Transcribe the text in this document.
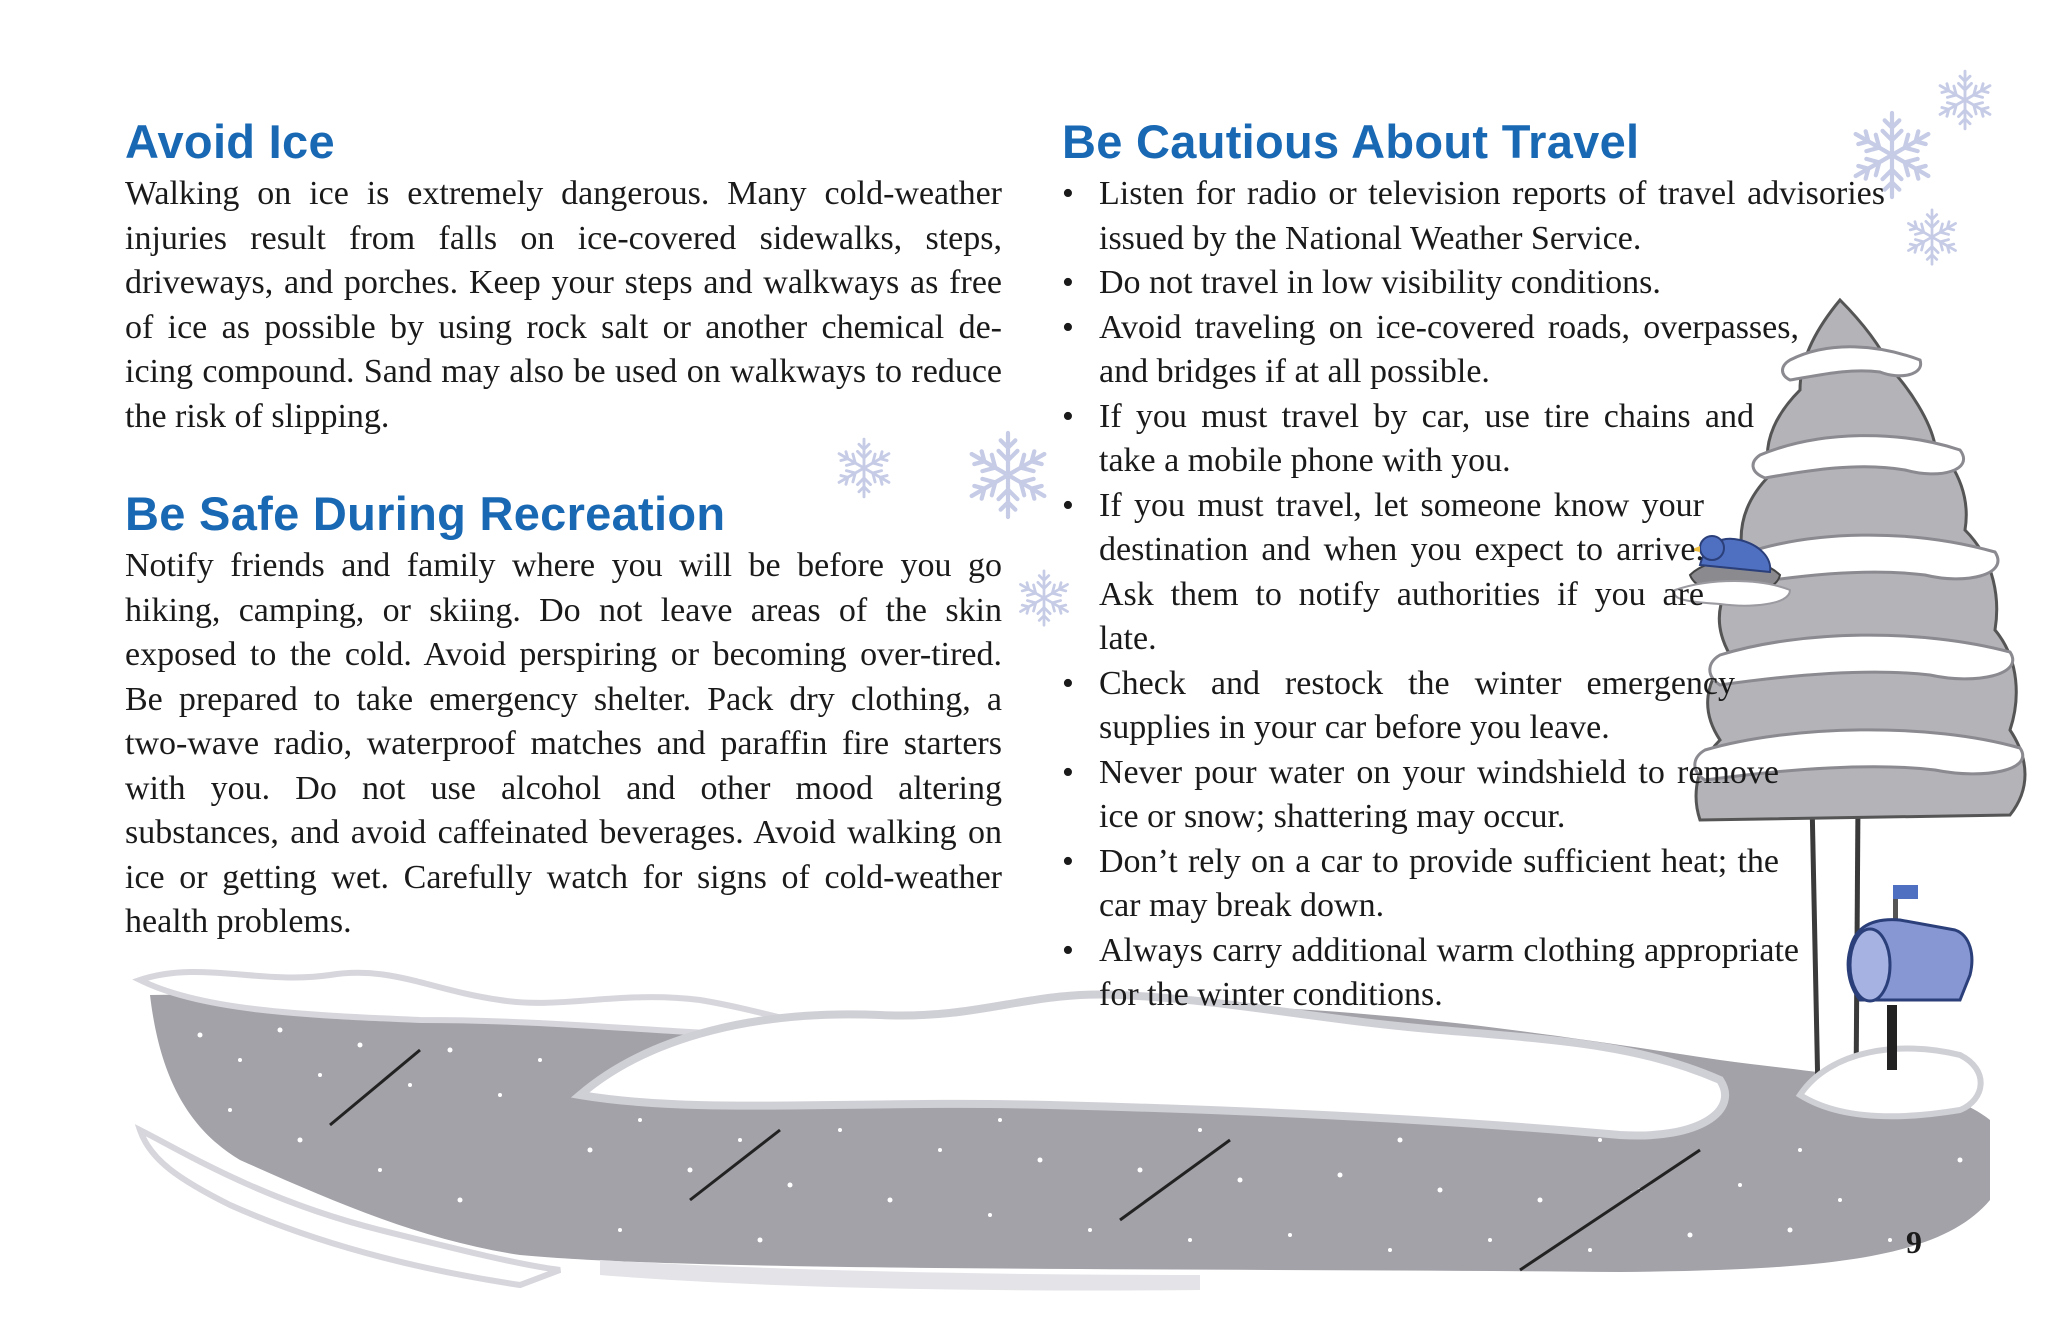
Avoid Ice

Walking on ice is extremely dangerous. Many cold-weather injuries result from falls on ice-covered sidewalks, steps, driveways, and porches. Keep your steps and walkways as free of ice as possible by using rock salt or another chemical de-icing compound. Sand may also be used on walkways to reduce the risk of slipping.

Be Safe During Recreation

Notify friends and family where you will be before you go hiking, camping, or skiing. Do not leave areas of the skin exposed to the cold. Avoid perspiring or becoming over-tired. Be prepared to take emergency shelter. Pack dry clothing, a two-wave radio, waterproof matches and paraffin fire starters with you. Do not use alcohol and other mood altering substances, and avoid caffeinated beverages. Avoid walking on ice or getting wet. Carefully watch for signs of cold-weather health problems.

Be Cautious About Travel
• Listen for radio or television reports of travel advisories issued by the National Weather Service.
• Do not travel in low visibility conditions.
• Avoid traveling on ice-covered roads, overpasses, and bridges if at all possible.
• If you must travel by car, use tire chains and take a mobile phone with you.
• If you must travel, let someone know your destination and when you expect to arrive. Ask them to notify authorities if you are late.
• Check and restock the winter emergency supplies in your car before you leave.
• Never pour water on your windshield to remove ice or snow; shattering may occur.
• Don’t rely on a car to provide sufficient heat; the car may break down.
• Always carry additional warm clothing appropriate for the winter conditions.
9
